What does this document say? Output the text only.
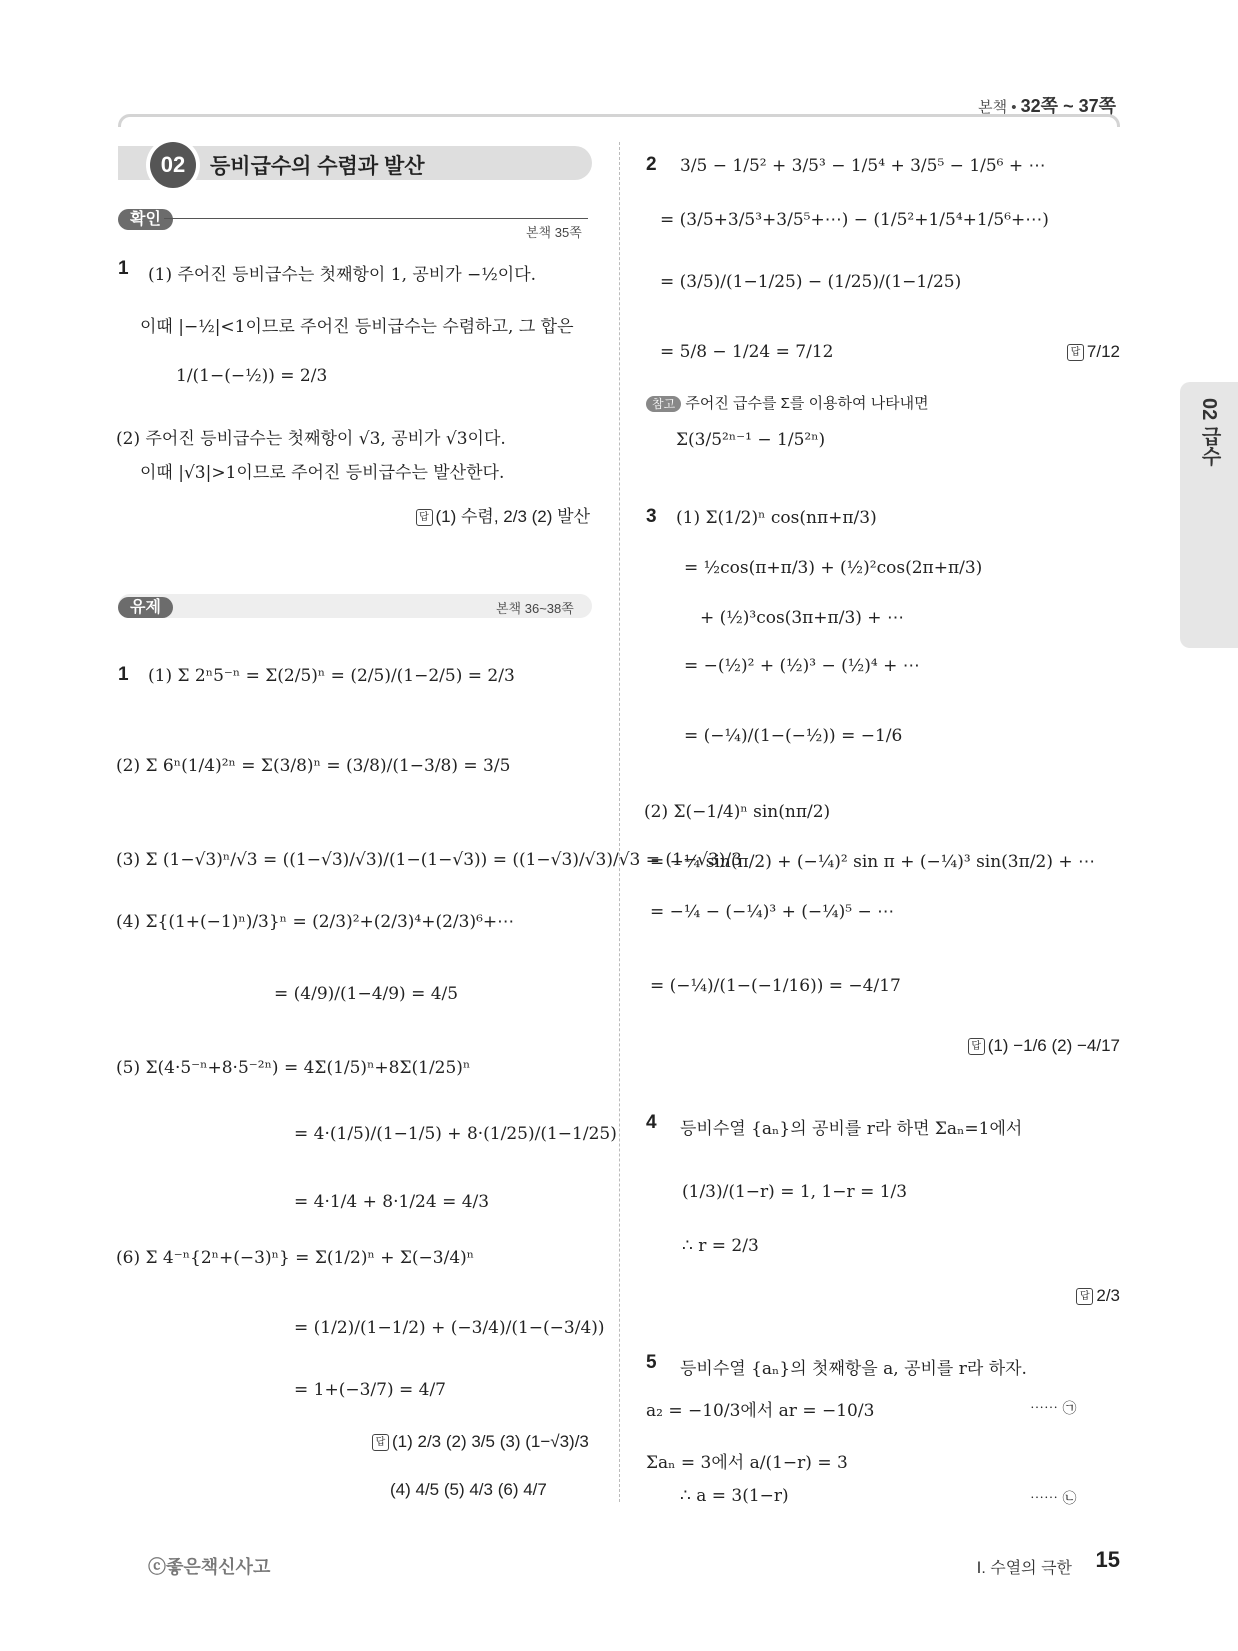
본책 • 32쪽 ~ 37쪽
02 급수
02	등비급수의 수렴과 발산
확인
본책 35쪽
1 (1) 주어진 등비급수는 첫째항이 1, 공비가 −½이다.
이때 |−½|<1이므로 주어진 등비급수는 수렴하고, 그 합은
1/(1−(−½)) = 2/3
(2) 주어진 등비급수는 첫째항이 √3, 공비가 √3이다.
이때 |√3|>1이므로 주어진 등비급수는 발산한다.
답 (1) 수렴, 2/3 (2) 발산
유제	본책 36~38쪽
1 (1) Σ 2ⁿ5⁻ⁿ = Σ(2/5)ⁿ = (2/5)/(1−2/5) = 2/3
(2) Σ 6ⁿ(1/4)²ⁿ = Σ(3/8)ⁿ = (3/8)/(1−3/8) = 3/5
(3) Σ (1−√3)ⁿ/√3 = ((1−√3)/√3)/(1−(1−√3)) = ((1−√3)/√3)/√3 = (1−√3)/3
(4) Σ{(1+(−1)ⁿ)/3}ⁿ = (2/3)²+(2/3)⁴+(2/3)⁶+⋯
= (4/9)/(1−4/9) = 4/5
(5) Σ(4·5⁻ⁿ+8·5⁻²ⁿ) = 4Σ(1/5)ⁿ+8Σ(1/25)ⁿ
= 4·(1/5)/(1−1/5) + 8·(1/25)/(1−1/25)
= 4·1/4 + 8·1/24 = 4/3
(6) Σ 4⁻ⁿ{2ⁿ+(−3)ⁿ} = Σ(1/2)ⁿ + Σ(−3/4)ⁿ
= (1/2)/(1−1/2) + (−3/4)/(1−(−3/4))
= 1+(−3/7) = 4/7
답 (1) 2/3 (2) 3/5 (3) (1−√3)/3
(4) 4/5 (5) 4/3 (6) 4/7
2 3/5 − 1/5² + 3/5³ − 1/5⁴ + 3/5⁵ − 1/5⁶ + ⋯
= (3/5+3/5³+3/5⁵+⋯) − (1/5²+1/5⁴+1/5⁶+⋯)
= (3/5)/(1−1/25) − (1/25)/(1−1/25)
= 5/8 − 1/24 = 7/12	답 7/12
참고 주어진 급수를 Σ를 이용하여 나타내면
Σ(3/5²ⁿ⁻¹ − 1/5²ⁿ)
3 (1) Σ(1/2)ⁿ cos(nπ+π/3)
= ½cos(π+π/3) + (½)²cos(2π+π/3)
+ (½)³cos(3π+π/3) + ⋯
= −(½)² + (½)³ − (½)⁴ + ⋯
= (−¼)/(1−(−½)) = −1/6
(2) Σ(−1/4)ⁿ sin(nπ/2)
= −¼ sin(π/2) + (−¼)² sin π + (−¼)³ sin(3π/2) + ⋯
= −¼ − (−¼)³ + (−¼)⁵ − ⋯
= (−¼)/(1−(−1/16)) = −4/17
답 (1) −1/6 (2) −4/17
4 등비수열 {aₙ}의 공비를 r라 하면 Σaₙ=1에서
(1/3)/(1−r) = 1, 1−r = 1/3
∴ r = 2/3
답 2/3
5 등비수열 {aₙ}의 첫째항을 a, 공비를 r라 하자.
a₂ = −10/3에서 ar = −10/3	⋯⋯ ㉠
Σaₙ = 3에서 a/(1−r) = 3
∴ a = 3(1−r)	⋯⋯ ㉡
ⓒ좋은책신사고	Ⅰ. 수열의 극한 15
